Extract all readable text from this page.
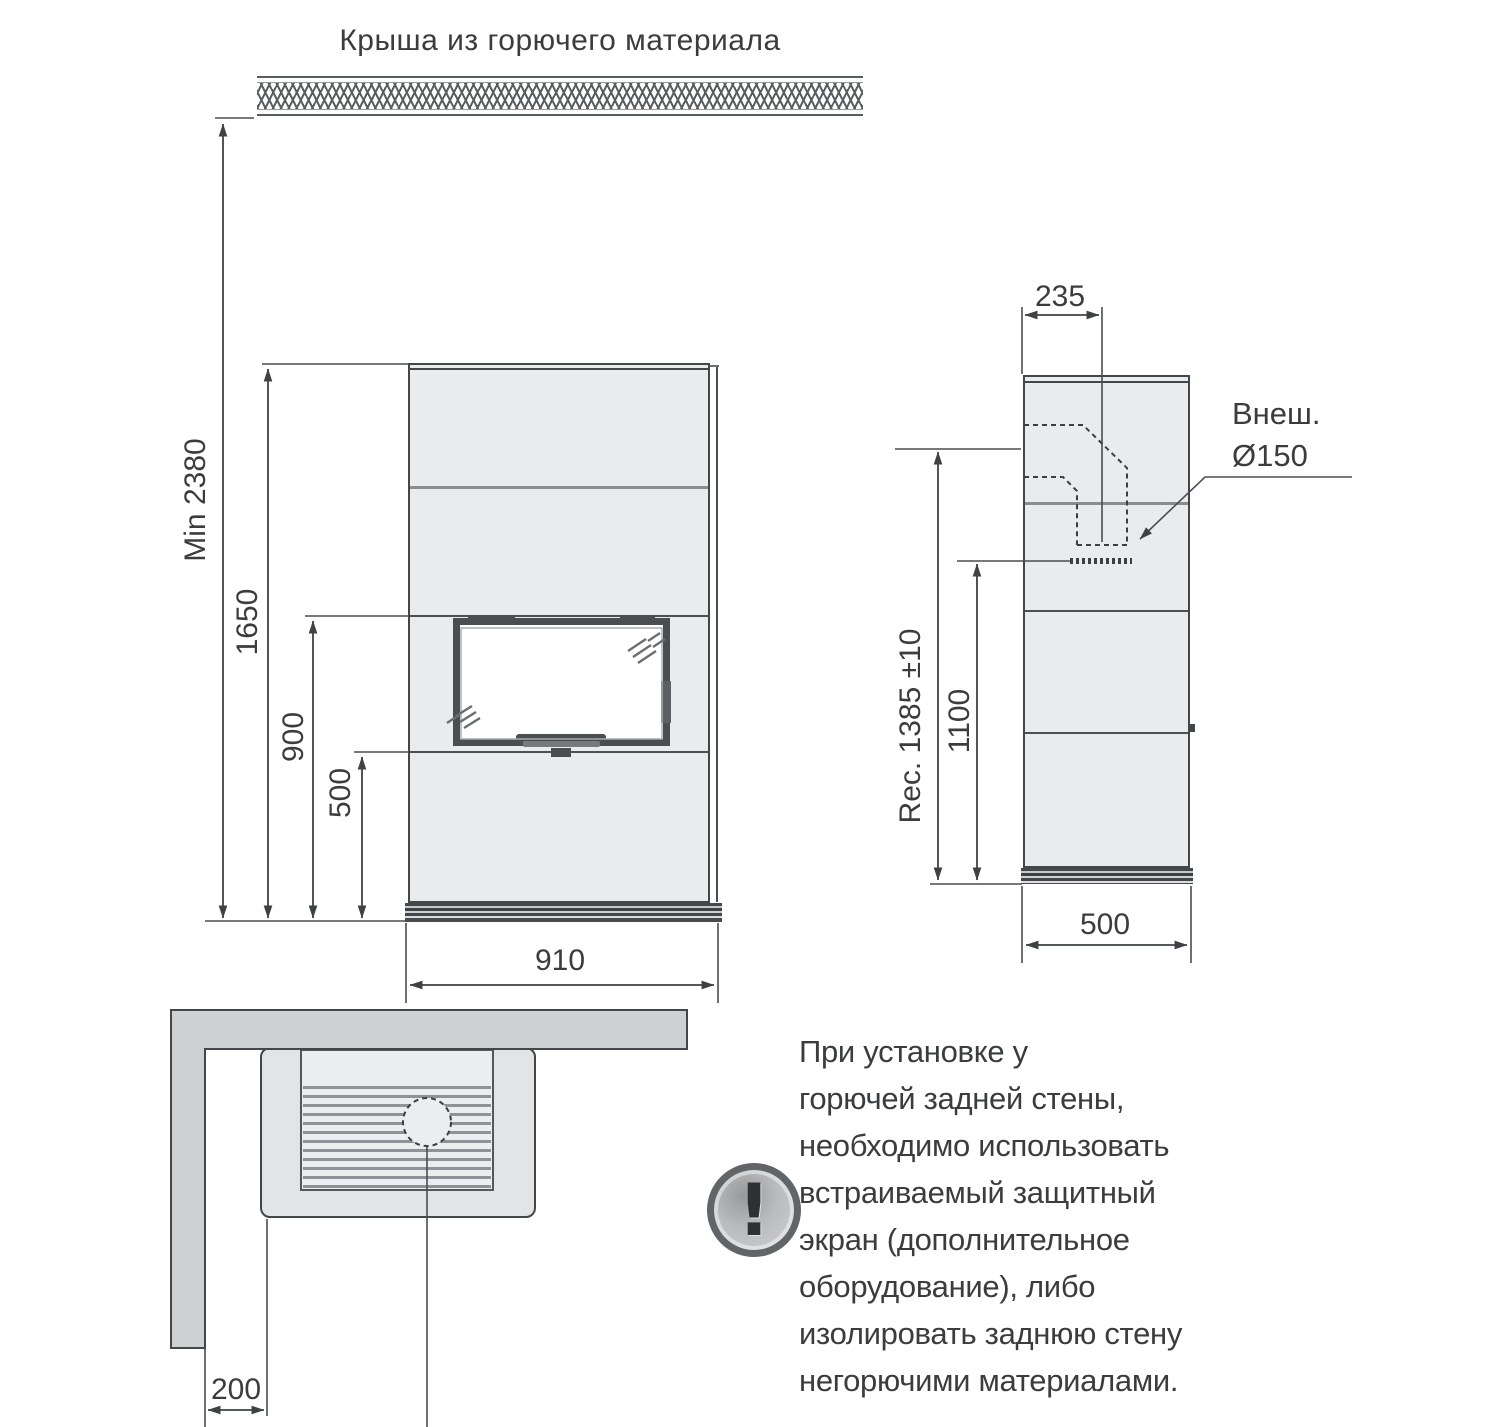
Крыша из горючего материала
Min 2380
1650
900
500
910
235
Внеш.
Ø150
Rec. 1385 ±10 1100
500
200
!
При установке у
горючей задней стены,
необходимо использовать
встраиваемый защитный
экран (дополнительное
оборудование), либо
изолировать заднюю стену
негорючими материалами.
